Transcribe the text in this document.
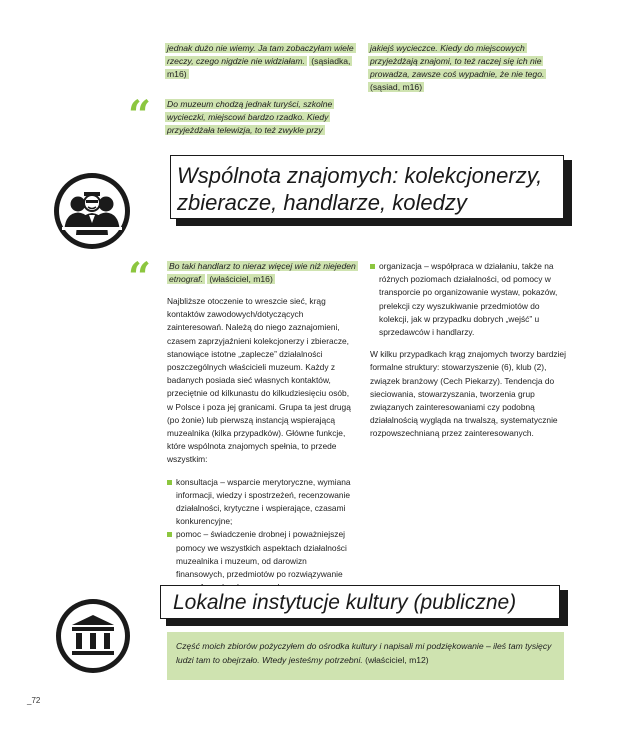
jednak dużo nie wiemy. Ja tam zobaczyłam wiele rzeczy, czego nigdzie nie widziałam. (sąsiadka, m16)
“	Do muzeum chodzą jednak turyści, szkolne wycieczki, miejscowi bardzo rzadko. Kiedy przyjeżdżała telewizja, to też zwykle przy
jakiejś wycieczce. Kiedy do miejscowych przyjeżdżają znajomi, to też raczej się ich nie prowadza, zawsze coś wypadnie, że nie tego. (sąsiad, m16)
Wspólnota znajomych: kolekcjonerzy,
zbieracze, handlarze, koledzy
“	Bo taki handlarz to nieraz więcej wie niż niejeden etnograf. (właściciel, m16)

Najbliższe otoczenie to wreszcie sieć, krąg kontaktów zawodowych/dotyczących zainteresowań. Należą do niego zaznajomieni, czasem zaprzyjaźnieni kolekcjonerzy i zbieracze, stanowiące istotne „zaplecze” działalności poszczególnych właścicieli muzeum. Każdy z badanych posiada sieć własnych kontaktów, przeciętnie od kilkunastu do kilkudziesięciu osób, w Polsce i poza jej granicami. Grupa ta jest drugą (po żonie) lub pierwszą instancją wspierającą muzealnika (kilka przypadków). Główne funkcje, które wspólnota znajomych spełnia, to przede wszystkim:

konsultacja – wsparcie merytoryczne, wymiana informacji, wiedzy i spostrzeżeń, recenzowanie działalności, krytyczne i wspierające, czasami konkurencyjne;
pomoc – świadczenie drobnej i poważniejszej pomocy we wszystkich aspektach działalności muzealnika i muzeum, od darowizn finansowych, przedmiotów po rozwiązywanie
organizacja – współpraca w działaniu, także na różnych poziomach działalności, od pomocy w transporcie po organizowanie wystaw, pokazów, prelekcji czy wyszukiwanie przedmiotów do kolekcji, jak w przypadku dobrych „wejść” u sprzedawców i handlarzy.

W kilku przypadkach krąg znajomych tworzy bardziej formalne struktury: stowarzyszenie (6), klub (2), związek branżowy (Cech Piekarzy). Tendencja do sieciowania, stowarzyszania, tworzenia grup związanych zainteresowaniami czy podobną działalnością wygląda na trwalszą, systematycznie rozpowszechnianą przez zainteresowanych.

Lokalne instytucje kultury (publiczne)
Część moich zbiorów pożyczyłem do ośrodka kultury i napisali mi podziękowanie – ileś tam tysięcy ludzi tam to obejrzało. Wtedy jesteśmy potrzebni. (właściciel, m12)
_72
